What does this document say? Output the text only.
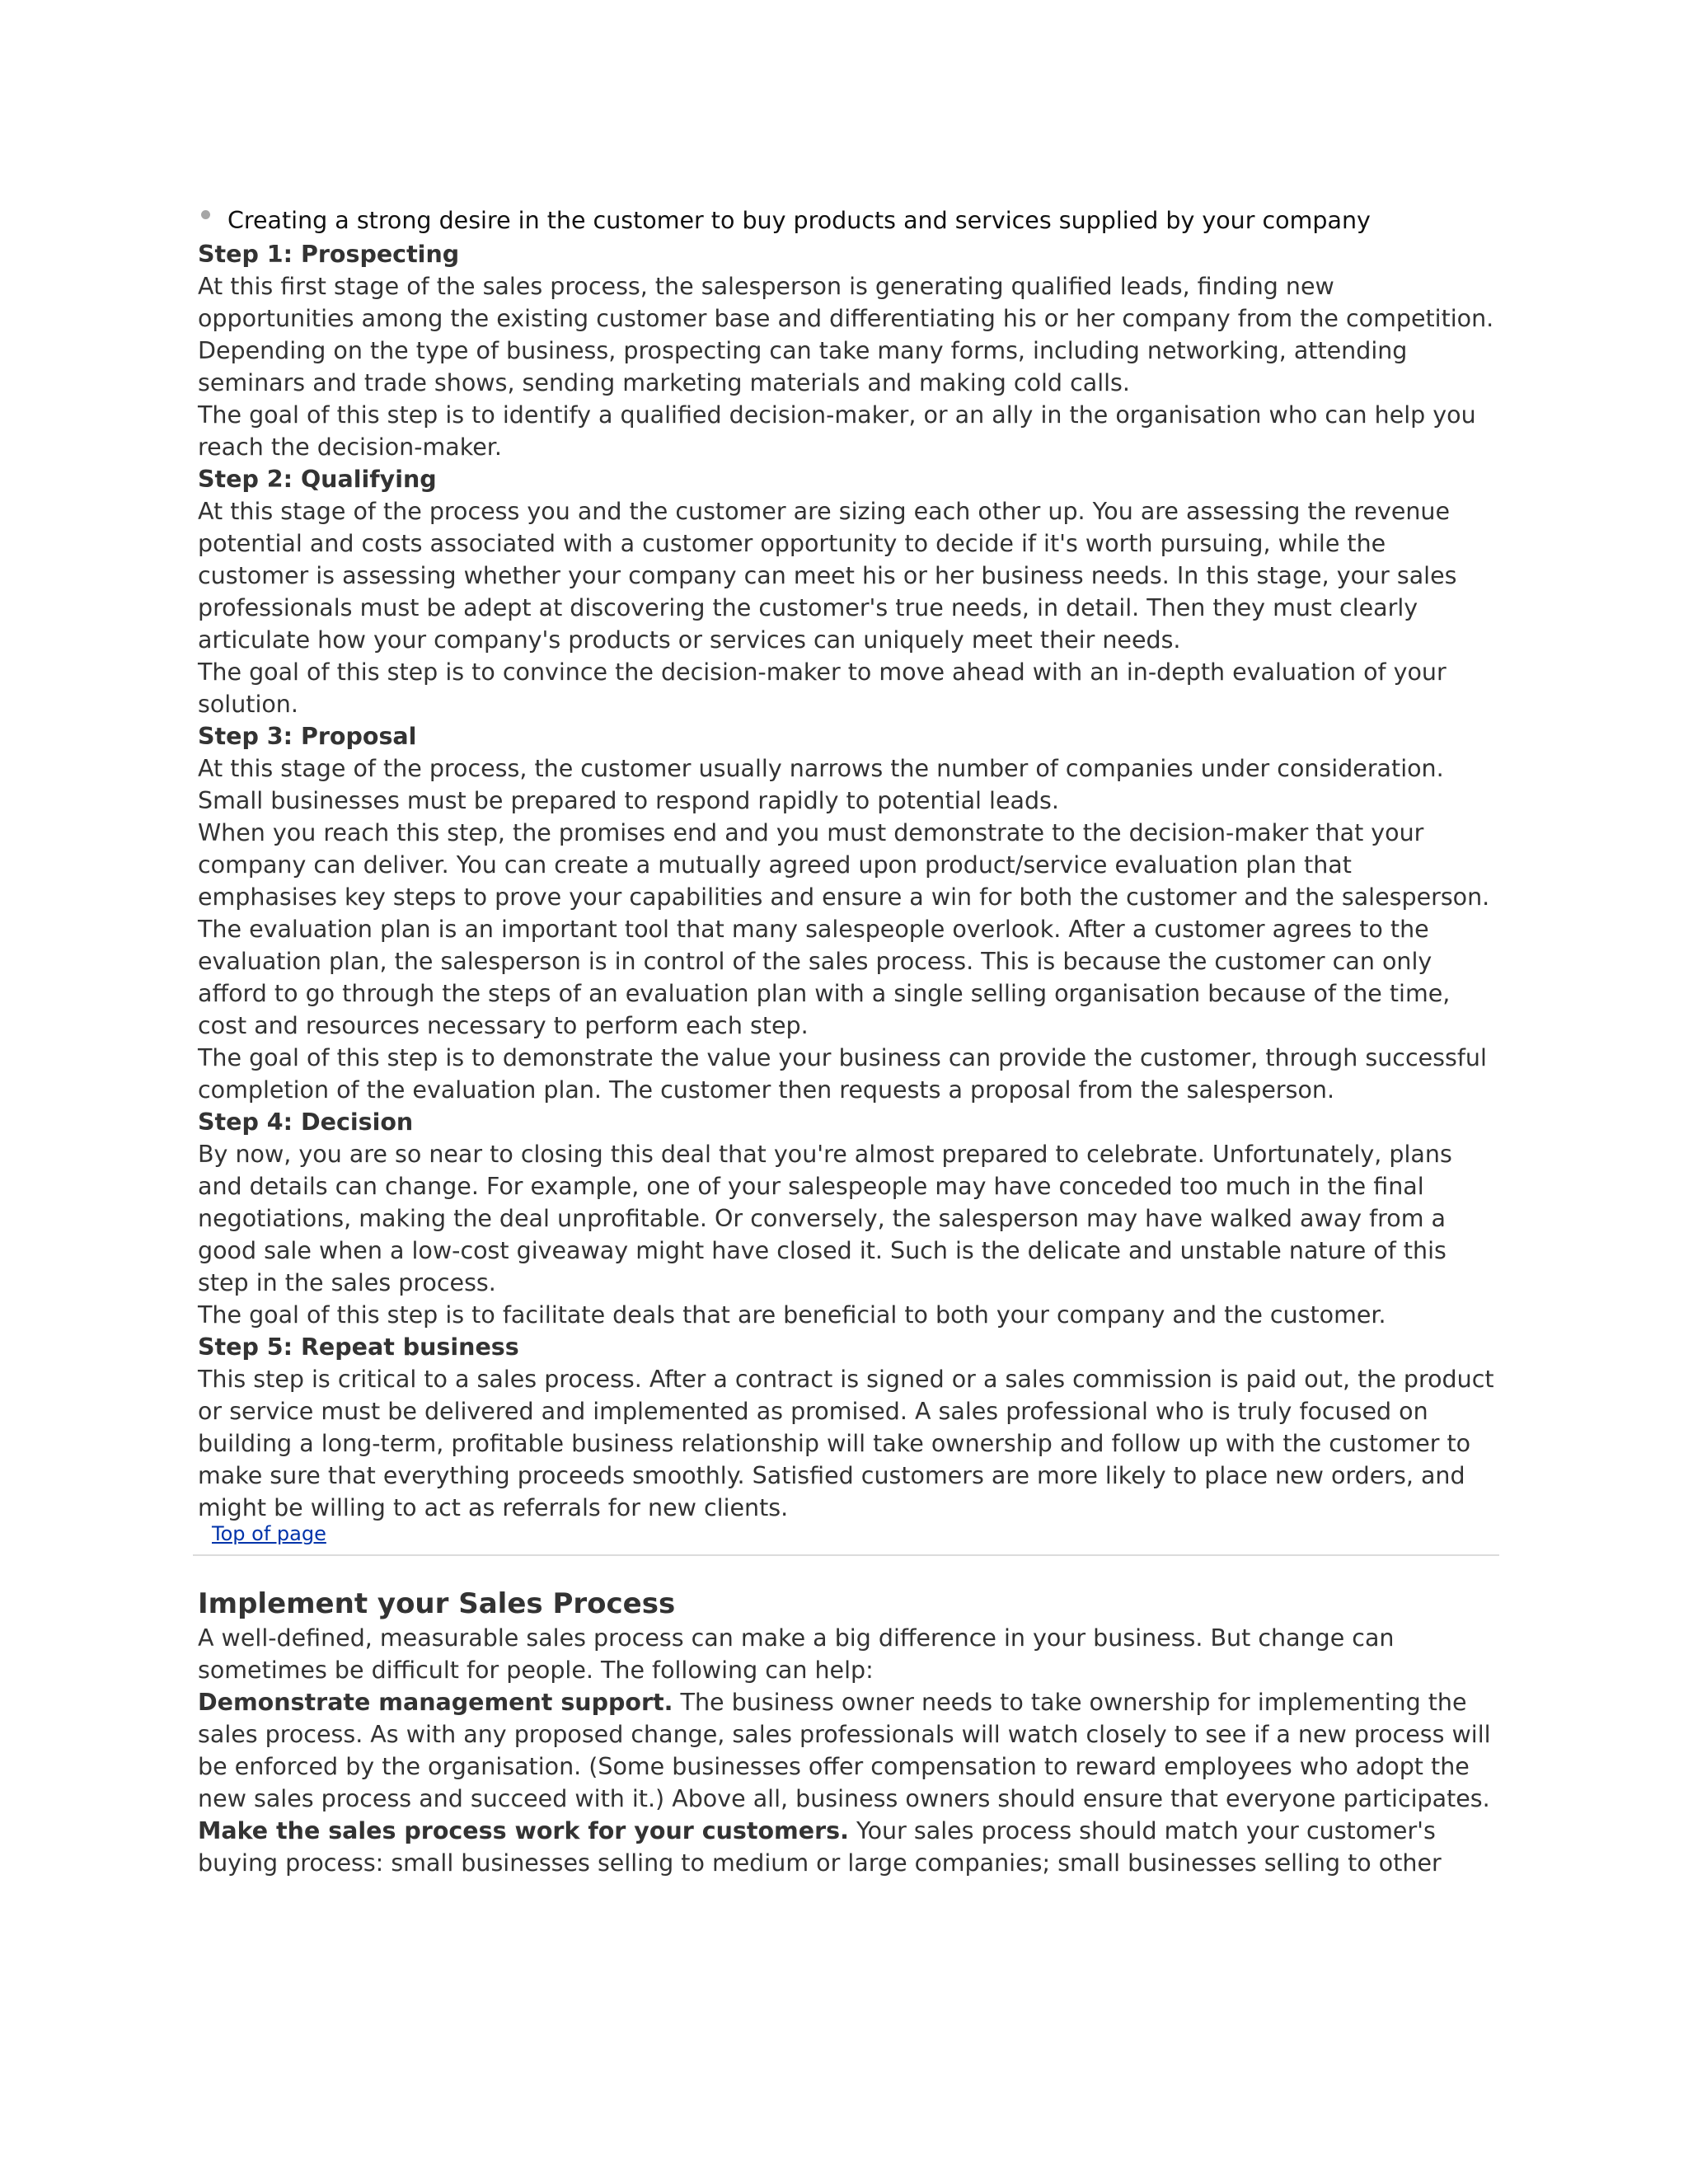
Creating a strong desire in the customer to buy products and services supplied by your company
Step 1: Prospecting

At this first stage of the sales process, the salesperson is generating qualified leads, finding new opportunities among the existing customer base and differentiating his or her company from the competition. Depending on the type of business, prospecting can take many forms, including networking, attending seminars and trade shows, sending marketing materials and making cold calls.

The goal of this step is to identify a qualified decision-maker, or an ally in the organisation who can help you reach the decision-maker.

Step 2: Qualifying

At this stage of the process you and the customer are sizing each other up. You are assessing the revenue potential and costs associated with a customer opportunity to decide if it's worth pursuing, while the customer is assessing whether your company can meet his or her business needs. In this stage, your sales professionals must be adept at discovering the customer's true needs, in detail. Then they must clearly articulate how your company's products or services can uniquely meet their needs.

The goal of this step is to convince the decision-maker to move ahead with an in-depth evaluation of your solution.

Step 3: Proposal

At this stage of the process, the customer usually narrows the number of companies under consideration. Small businesses must be prepared to respond rapidly to potential leads.

When you reach this step, the promises end and you must demonstrate to the decision-maker that your company can deliver. You can create a mutually agreed upon product/service evaluation plan that emphasises key steps to prove your capabilities and ensure a win for both the customer and the salesperson.

The evaluation plan is an important tool that many salespeople overlook. After a customer agrees to the evaluation plan, the salesperson is in control of the sales process. This is because the customer can only afford to go through the steps of an evaluation plan with a single selling organisation because of the time, cost and resources necessary to perform each step.

The goal of this step is to demonstrate the value your business can provide the customer, through successful completion of the evaluation plan. The customer then requests a proposal from the salesperson.

Step 4: Decision

By now, you are so near to closing this deal that you're almost prepared to celebrate. Unfortunately, plans and details can change. For example, one of your salespeople may have conceded too much in the final negotiations, making the deal unprofitable. Or conversely, the salesperson may have walked away from a good sale when a low-cost giveaway might have closed it. Such is the delicate and unstable nature of this step in the sales process.

The goal of this step is to facilitate deals that are beneficial to both your company and the customer.

Step 5: Repeat business

This step is critical to a sales process. After a contract is signed or a sales commission is paid out, the product or service must be delivered and implemented as promised. A sales professional who is truly focused on building a long-term, profitable business relationship will take ownership and follow up with the customer to make sure that everything proceeds smoothly. Satisfied customers are more likely to place new orders, and might be willing to act as referrals for new clients.

Top of page
Implement your Sales Process

A well-defined, measurable sales process can make a big difference in your business. But change can sometimes be difficult for people. The following can help:

Demonstrate management support. The business owner needs to take ownership for implementing the sales process. As with any proposed change, sales professionals will watch closely to see if a new process will be enforced by the organisation. (Some businesses offer compensation to reward employees who adopt the new sales process and succeed with it.) Above all, business owners should ensure that everyone participates.

Make the sales process work for your customers. Your sales process should match your customer's buying process: small businesses selling to medium or large companies; small businesses selling to other
